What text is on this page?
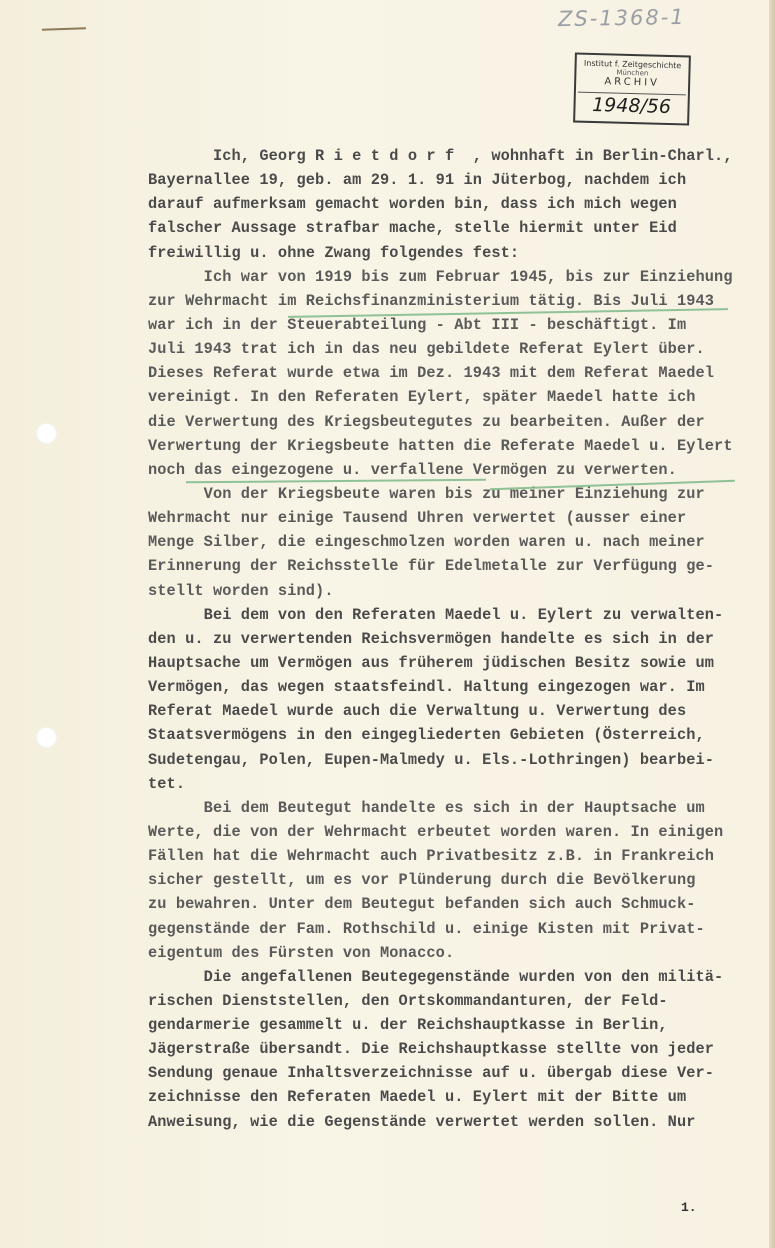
ZS-1368-1
Institut f. Zeitgeschichte
München
ARCHIV
1948/56
Ich, Georg R i e t d o r f  , wohnhaft in Berlin-Charl.,
Bayernallee 19, geb. am 29. 1. 91 in Jüterbog, nachdem ich
darauf aufmerksam gemacht worden bin, dass ich mich wegen
falscher Aussage strafbar mache, stelle hiermit unter Eid
freiwillig u. ohne Zwang folgendes fest:
Ich war von 1919 bis zum Februar 1945, bis zur Einziehung
zur Wehrmacht im Reichsfinanzministerium tätig. Bis Juli 1943
war ich in der Steuerabteilung - Abt III - beschäftigt. Im
Juli 1943 trat ich in das neu gebildete Referat Eylert über.
Dieses Referat wurde etwa im Dez. 1943 mit dem Referat Maedel
vereinigt. In den Referaten Eylert, später Maedel hatte ich
die Verwertung des Kriegsbeutegutes zu bearbeiten. Außer der
Verwertung der Kriegsbeute hatten die Referate Maedel u. Eylert
noch das eingezogene u. verfallene Vermögen zu verwerten.
Von der Kriegsbeute waren bis zu meiner Einziehung zur
Wehrmacht nur einige Tausend Uhren verwertet (ausser einer
Menge Silber, die eingeschmolzen worden waren u. nach meiner
Erinnerung der Reichsstelle für Edelmetalle zur Verfügung ge-
stellt worden sind).
Bei dem von den Referaten Maedel u. Eylert zu verwalten-
den u. zu verwertenden Reichsvermögen handelte es sich in der
Hauptsache um Vermögen aus früherem jüdischen Besitz sowie um
Vermögen, das wegen staatsfeindl. Haltung eingezogen war. Im
Referat Maedel wurde auch die Verwaltung u. Verwertung des
Staatsvermögens in den eingegliederten Gebieten (Österreich,
Sudetengau, Polen, Eupen-Malmedy u. Els.-Lothringen) bearbei-
tet.
Bei dem Beutegut handelte es sich in der Hauptsache um
Werte, die von der Wehrmacht erbeutet worden waren. In einigen
Fällen hat die Wehrmacht auch Privatbesitz z.B. in Frankreich
sicher gestellt, um es vor Plünderung durch die Bevölkerung
zu bewahren. Unter dem Beutegut befanden sich auch Schmuck-
gegenstände der Fam. Rothschild u. einige Kisten mit Privat-
eigentum des Fürsten von Monacco.
Die angefallenen Beutegegenstände wurden von den militä-
rischen Dienststellen, den Ortskommandanturen, der Feld-
gendarmerie gesammelt u. der Reichshauptkasse in Berlin,
Jägerstraße übersandt. Die Reichshauptkasse stellte von jeder
Sendung genaue Inhaltsverzeichnisse auf u. übergab diese Ver-
zeichnisse den Referaten Maedel u. Eylert mit der Bitte um
Anweisung, wie die Gegenstände verwertet werden sollen. Nur
1.
